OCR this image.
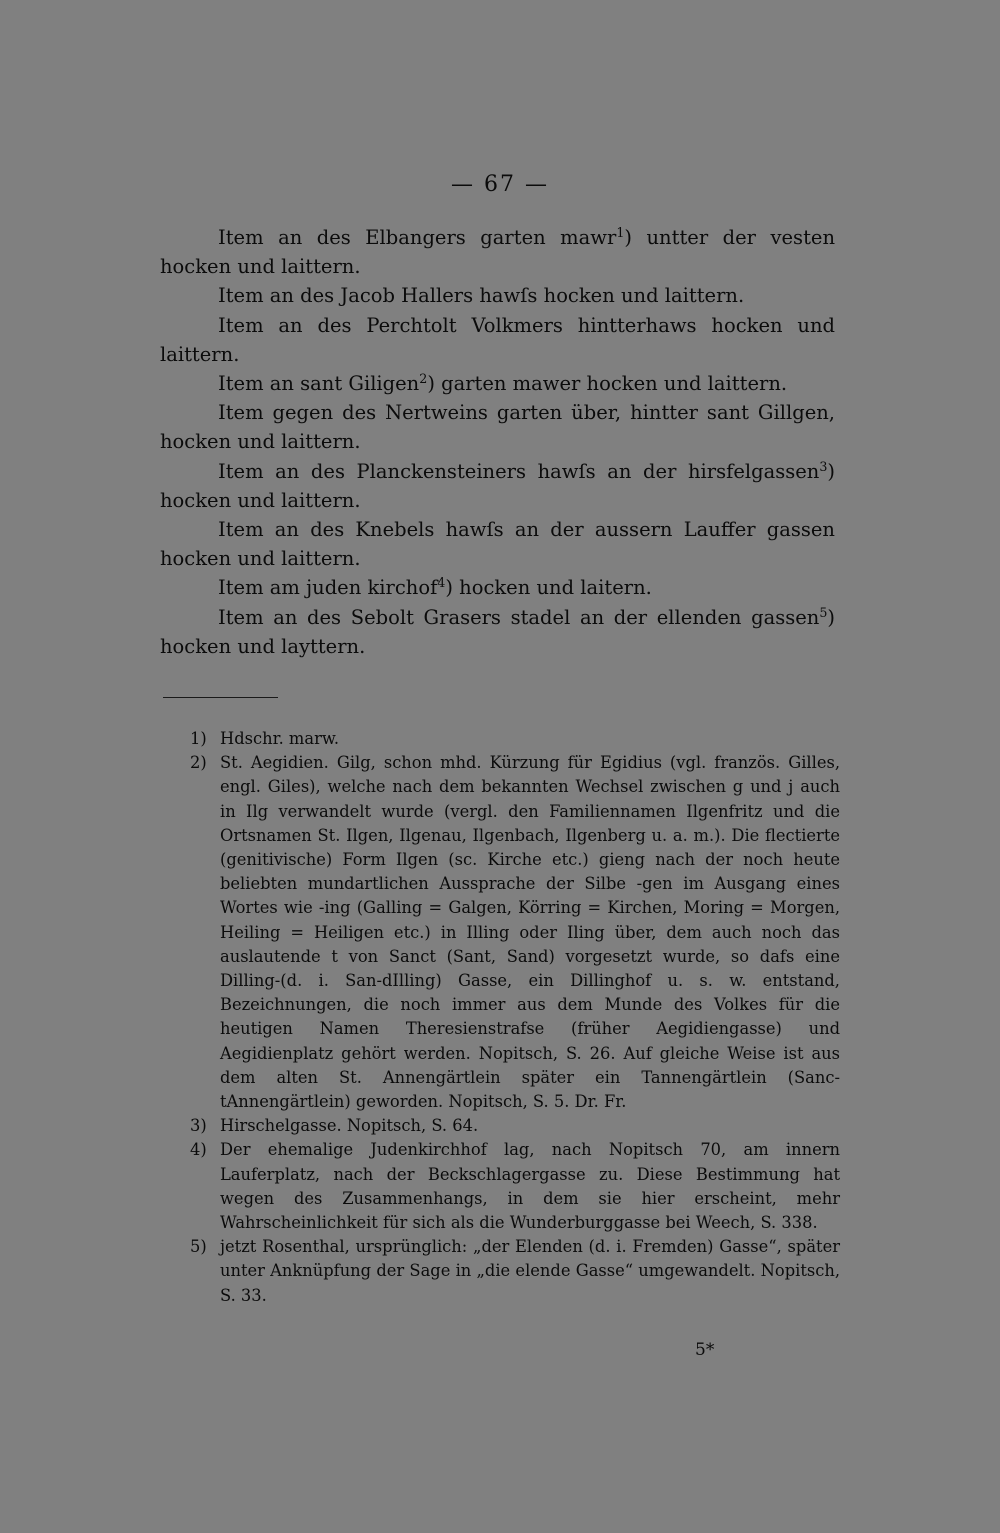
— 67 —

Item an des Elbangers garten mawr$^1$) untter der vesten hocken und laittern.

Item an des Jacob Hallers hawſs hocken und laittern.

Item an des Perchtolt Volkmers hintterhaws hocken und laittern.

Item an sant Giligen$^2$) garten mawer hocken und laittern.

Item gegen des Nertweins garten über, hintter sant Gillgen, hocken und laittern.

Item an des Planckensteiners hawſs an der hirsfelgassen$^3$) hocken und laittern.

Item an des Knebels hawſs an der aussern Lauffer gassen hocken und laittern.

Item am juden kirchof$^4$) hocken und laitern.

Item an des Sebolt Grasers stadel an der ellenden gassen$^5$) hocken und layttern.

1) Hdschr. marw.

2) St. Aegidien. Gilg, schon mhd. Kürzung für Egidius (vgl. französ. Gilles, engl. Giles), welche nach dem bekannten Wechsel zwischen g und j auch in Ilg verwandelt wurde (vergl. den Familiennamen Ilgenfritz und die Ortsnamen St. Ilgen, Ilgenau, Ilgenbach, Ilgenberg u. a. m.). Die flectierte (genitivische) Form Ilgen (sc. Kirche etc.) gieng nach der noch heute beliebten mundartlichen Aussprache der Silbe -gen im Ausgang eines Wortes wie -ing (Galling = Galgen, Körring = Kirchen, Moring = Morgen, Heiling = Heiligen etc.) in Illing oder Iling über, dem auch noch das auslautende t von Sanct (Sant, Sand) vorgesetzt wurde, so dafs eine Dilling-(d. i. San-dIlling) Gasse, ein Dillinghof u. s. w. entstand, Bezeichnungen, die noch immer aus dem Munde des Volkes für die heutigen Namen Theresienstrafse (früher Aegidiengasse) und Aegidienplatz gehört werden. Nopitsch, S. 26. Auf gleiche Weise ist aus dem alten St. Annengärtlein später ein Tannengärtlein (Sanc-tAnnengärtlein) geworden. Nopitsch, S. 5. Dr. Fr.

3) Hirschelgasse. Nopitsch, S. 64.

4) Der ehemalige Judenkirchhof lag, nach Nopitsch 70, am innern Lauferplatz, nach der Beckschlagergasse zu. Diese Bestimmung hat wegen des Zusammenhangs, in dem sie hier erscheint, mehr Wahrscheinlichkeit für sich als die Wunderburggasse bei Weech, S. 338.

5) jetzt Rosenthal, ursprünglich: „der Elenden (d. i. Fremden) Gasse“, später unter Anknüpfung der Sage in „die elende Gasse“ umgewandelt. Nopitsch, S. 33.

5*
